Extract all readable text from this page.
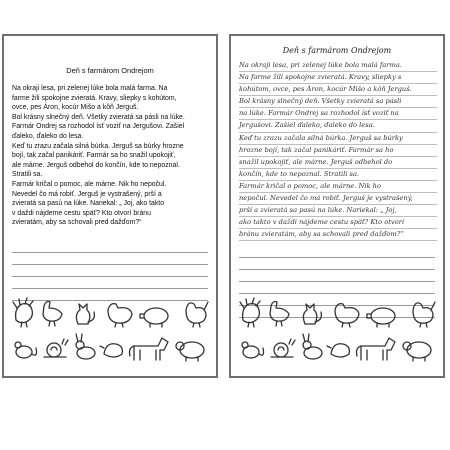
Deň s farmárom Ondrejom
Na okraji lesa, pri zelenej lúke bola malá farma. Na
farme žili spokojne zvieratá. Kravy, sliepky s kohútom,
ovce, pes Áron, kocúr Mišo a kôň Jerguš.
Bol krásny slnečný deň. Všetky zvieratá sa pásli na lúke.
Farmár Ondrej sa rozhodol ísť voziť na Jergušovi. Zašiel
ďaleko, ďaleko do lesa.
Keď tu zrazu začala silná búrka. Jerguš sa búrky hrozne
bojí, tak začal panikáriť. Farmár sa ho snažil upokojiť,
ale márne. Jerguš odbehol do končín, kde to nepoznal.
Stratili sa.
Farmár kričal o pomoc, ale márne. Nik ho nepočul.
Nevedel čo má robiť. Jerguš je vystrašený, prší a
zvieratá sa pasú na lúke. Nariekal: „ Joj, ako takto
v daždi nájdeme cestu späť? Kto otvorí bránu
zvieratám, aby sa schovali pred dažďom?“
Deň s farmárom Ondrejom
Na okraji lesa, pri zelenej lúke bola malá farma.
Na farme žili spokojne zvieratá. Kravy, sliepky s
kohútom, ovce, pes Áron, kocúr Mišo a kôň Jerguš.
Bol krásny slnečný deň. Všetky zvieratá sa pásli
na lúke. Farmár Ondrej sa rozhodol ísť voziť na
Jergušovi. Zašiel ďaleko, ďaleko do lesa.
Keď tu zrazu začala silná búrka. Jerguš sa búrky
hrozne bojí, tak začal panikáriť. Farmár sa ho
snažil upokojiť, ale márne. Jerguš odbehol do
končín, kde to nepoznal. Stratili sa.
Farmár kričal o pomoc, ale márne. Nik ho
nepočul. Nevedel čo má robiť. Jerguš je vystrašený,
prší a zvieratá sa pasú na lúke. Nariekal: „ Joj,
ako takto v daždi nájdeme cestu späť? Kto otvorí
bránu zvieratám, aby sa schovali pred dažďom?“
